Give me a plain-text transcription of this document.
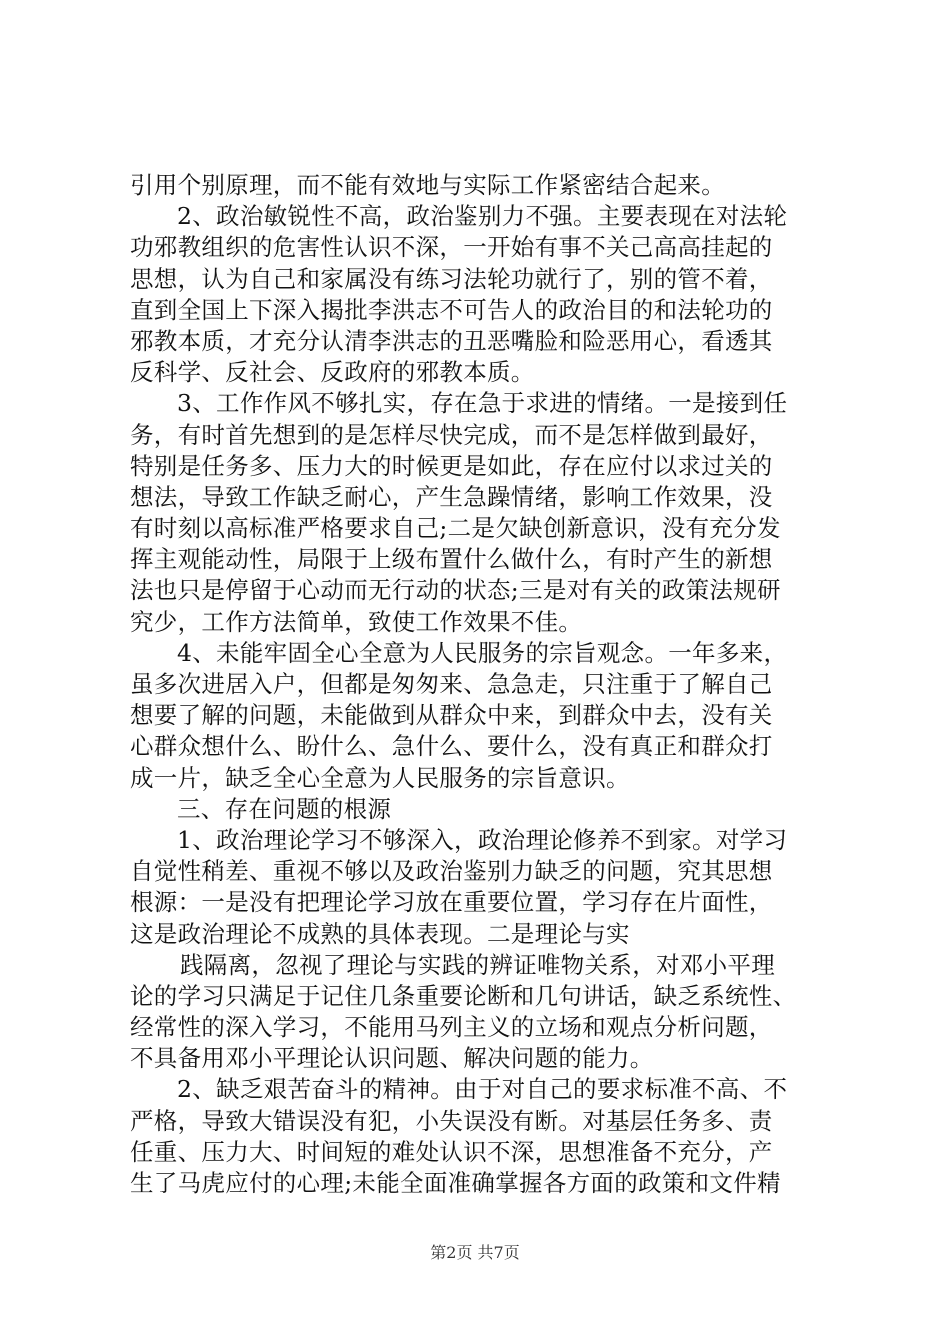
引用个别原理，而不能有效地与实际工作紧密结合起来。
2、政治敏锐性不高，政治鉴别力不强。主要表现在对法轮
功邪教组织的危害性认识不深，一开始有事不关己高高挂起的
思想，认为自己和家属没有练习法轮功就行了，别的管不着，
直到全国上下深入揭批李洪志不可告人的政治目的和法轮功的
邪教本质，才充分认清李洪志的丑恶嘴脸和险恶用心，看透其
反科学、反社会、反政府的邪教本质。
3、工作作风不够扎实，存在急于求进的情绪。一是接到任
务，有时首先想到的是怎样尽快完成，而不是怎样做到最好，
特别是任务多、压力大的时候更是如此，存在应付以求过关的
想法，导致工作缺乏耐心，产生急躁情绪，影响工作效果，没
有时刻以高标准严格要求自己;二是欠缺创新意识，没有充分发
挥主观能动性，局限于上级布置什么做什么，有时产生的新想
法也只是停留于心动而无行动的状态;三是对有关的政策法规研
究少，工作方法简单，致使工作效果不佳。
4、未能牢固全心全意为人民服务的宗旨观念。一年多来，
虽多次进居入户，但都是匆匆来、急急走，只注重于了解自己
想要了解的问题，未能做到从群众中来，到群众中去，没有关
心群众想什么、盼什么、急什么、要什么，没有真正和群众打
成一片，缺乏全心全意为人民服务的宗旨意识。
三、存在问题的根源
1、政治理论学习不够深入，政治理论修养不到家。对学习
自觉性稍差、重视不够以及政治鉴别力缺乏的问题，究其思想
根源：一是没有把理论学习放在重要位置，学习存在片面性，
这是政治理论不成熟的具体表现。二是理论与实
践隔离，忽视了理论与实践的辨证唯物关系，对邓小平理
论的学习只满足于记住几条重要论断和几句讲话，缺乏系统性、
经常性的深入学习，不能用马列主义的立场和观点分析问题，
不具备用邓小平理论认识问题、解决问题的能力。
2、缺乏艰苦奋斗的精神。由于对自己的要求标准不高、不
严格，导致大错误没有犯，小失误没有断。对基层任务多、责
任重、压力大、时间短的难处认识不深，思想准备不充分，产
生了马虎应付的心理;未能全面准确掌握各方面的政策和文件精
第2页 共7页
